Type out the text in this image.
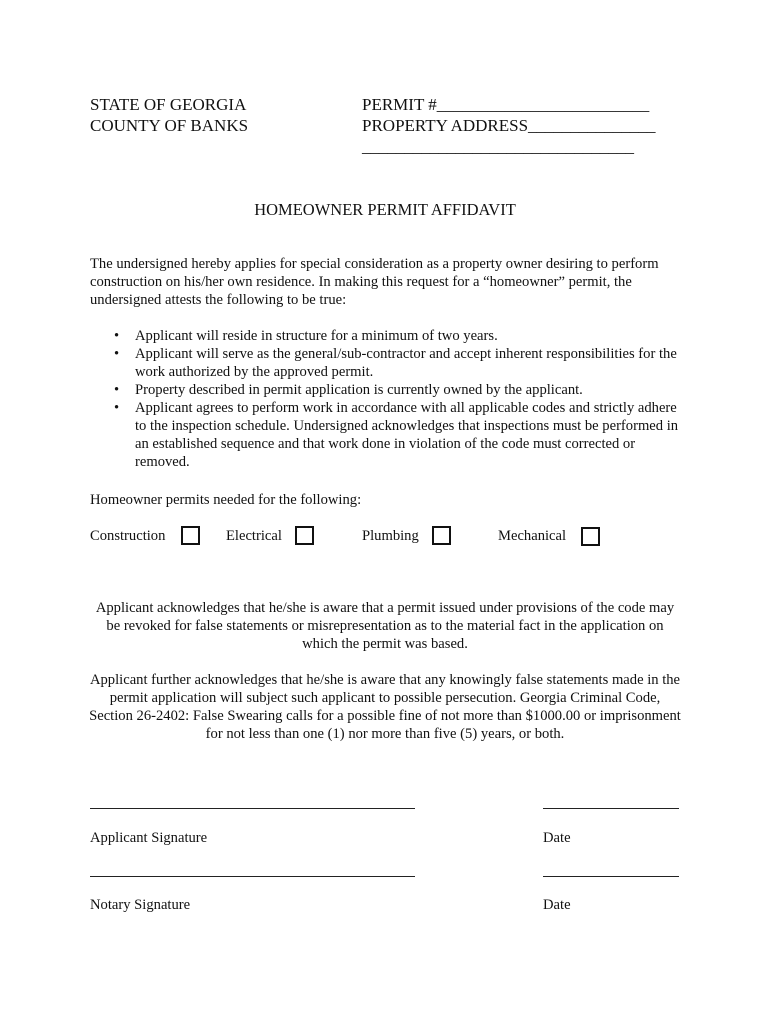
STATE OF GEORGIA
COUNTY OF BANKS
PERMIT #_________________________
PROPERTY ADDRESS_______________
________________________________
HOMEOWNER PERMIT AFFIDAVIT
The undersigned hereby applies for special consideration as a property owner desiring to perform construction on his/her own residence. In making this request for a “homeowner” permit, the undersigned attests the following to be true:
• Applicant will reside in structure for a minimum of two years.
• Applicant will serve as the general/sub-contractor and accept inherent responsibilities for the work authorized by the approved permit.
• Property described in permit application is currently owned by the applicant.
• Applicant agrees to perform work in accordance with all applicable codes and strictly adhere to the inspection schedule. Undersigned acknowledges that inspections must be performed in an established sequence and that work done in violation of the code must corrected or removed.
Homeowner permits needed for the following:
Construction	Electrical	Plumbing	Mechanical
Applicant acknowledges that he/she is aware that a permit issued under provisions of the code may be revoked for false statements or misrepresentation as to the material fact in the application on which the permit was based.
Applicant further acknowledges that he/she is aware that any knowingly false statements made in the permit application will subject such applicant to possible persecution. Georgia Criminal Code, Section 26-2402: False Swearing calls for a possible fine of not more than $1000.00 or imprisonment for not less than one (1) nor more than five (5) years, or both.
Applicant Signature	Date
Notary Signature	Date
